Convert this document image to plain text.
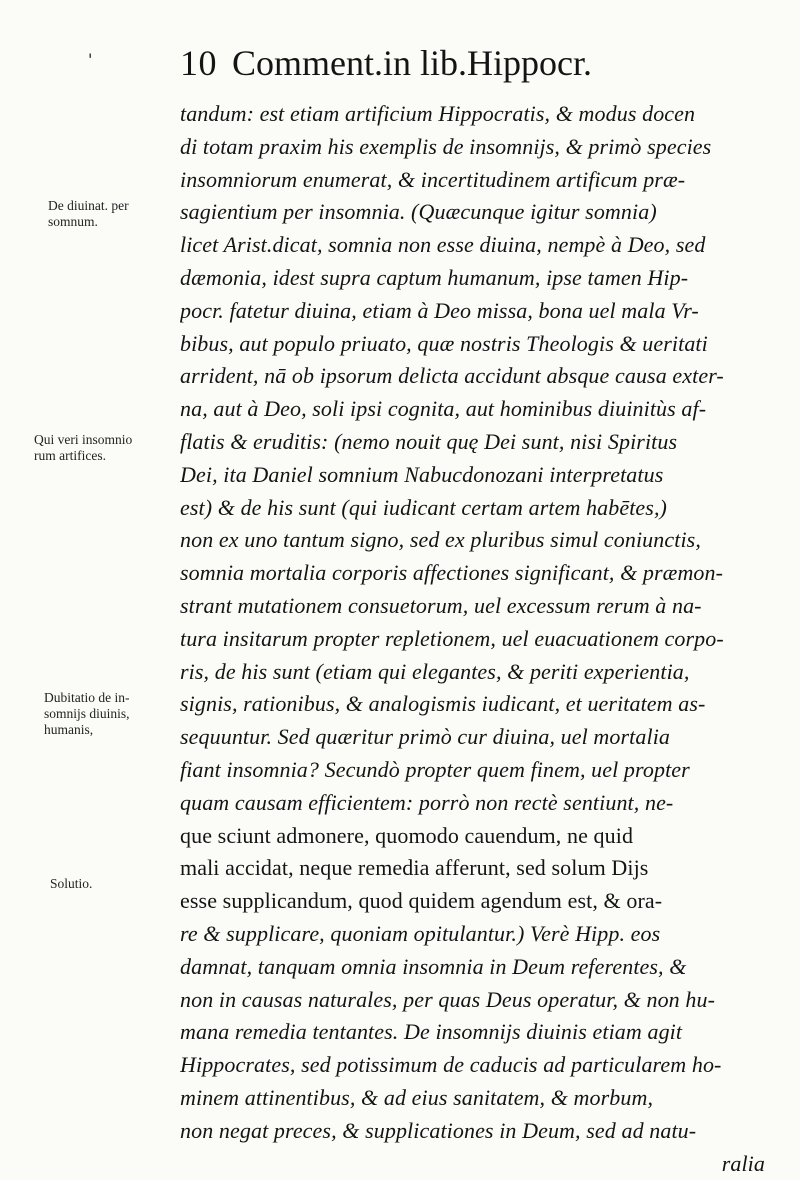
' 10 Comment.in lib.Hippocr.
De diuinat. per somnum.
Qui veri insomnio rum artifices.
Dubitatio de in-somnijs diuinis, humanis,
Solutio.
tandum: est etiam artificium Hippocratis, & modus docen
di totam praxim his exemplis de insomnijs, & primò species
insomniorum enumerat, & incertitudinem artificum præ-
sagientium per insomnia. (Quæcunque igitur somnia)
licet Arist.dicat, somnia non esse diuina, nempè à Deo, sed
dæmonia, idest supra captum humanum, ipse tamen Hip-
pocr. fatetur diuina, etiam à Deo missa, bona uel mala Vr-
bibus, aut populo priuato, quæ nostris Theologis & ueritati
arrident, nā ob ipsorum delicta accidunt absque causa exter-
na, aut à Deo, soli ipsi cognita, aut hominibus diuinitùs af-
flatis & eruditis: (nemo nouit quę Dei sunt, nisi Spiritus
Dei, ita Daniel somnium Nabucdonozani interpretatus
est) & de his sunt (qui iudicant certam artem habētes,)
non ex uno tantum signo, sed ex pluribus simul coniunctis,
somnia mortalia corporis affectiones significant, & præmon-
strant mutationem consuetorum, uel excessum rerum à na-
tura insitarum propter repletionem, uel euacuationem corpo-
ris, de his sunt (etiam qui elegantes, & periti experientia,
signis, rationibus, & analogismis iudicant, et ueritatem as-
sequuntur. Sed quæritur primò cur diuina, uel mortalia
fiant insomnia? Secundò propter quem finem, uel propter
quam causam efficientem: porrò non rectè sentiunt, ne-
que sciunt admonere, quomodo cauendum, ne quid
mali accidat, neque remedia afferunt, sed solum Dijs
esse supplicandum, quod quidem agendum est, & ora-
re & supplicare, quoniam opitulantur.) Verè Hipp. eos
damnat, tanquam omnia insomnia in Deum referentes, &
non in causas naturales, per quas Deus operatur, & non hu-
mana remedia tentantes. De insomnijs diuinis etiam agit
Hippocrates, sed potissimum de caducis ad particularem ho-
minem attinentibus, & ad eius sanitatem, & morbum,
non negat preces, & supplicationes in Deum, sed ad natu-
ralia
